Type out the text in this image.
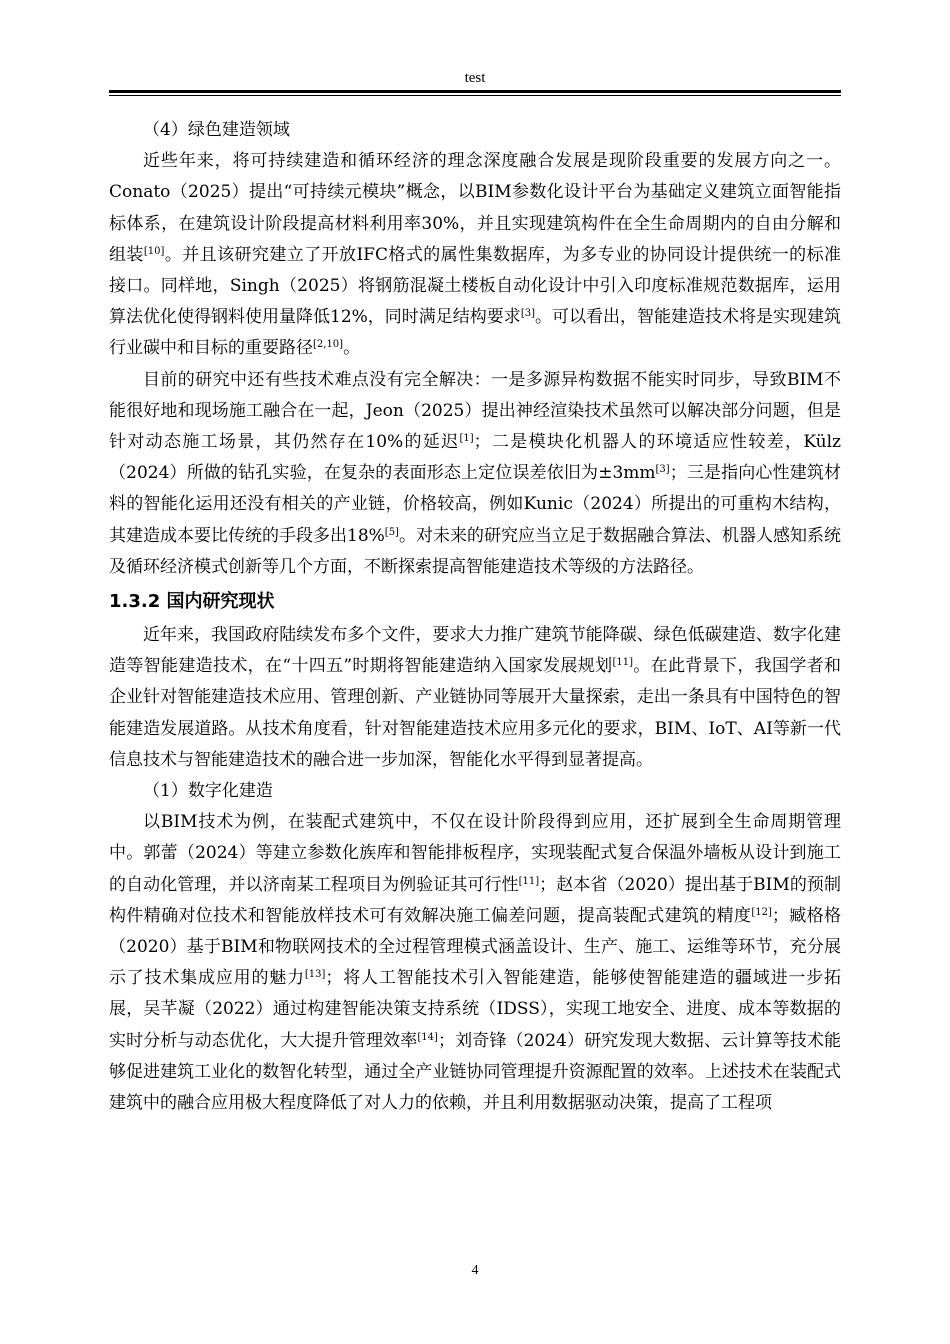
test

（4）绿色建造领域

近些年来，将可持续建造和循环经济的理念深度融合发展是现阶段重要的发展方向之一。Conato（2025）提出“可持续元模块”概念，以BIM参数化设计平台为基础定义建筑立面智能指标体系，在建筑设计阶段提高材料利用率30%，并且实现建筑构件在全生命周期内的自由分解和组装[10]。并且该研究建立了开放IFC格式的属性集数据库，为多专业的协同设计提供统一的标准接口。同样地，Singh（2025）将钢筋混凝土楼板自动化设计中引入印度标准规范数据库，运用算法优化使得钢料使用量降低12%，同时满足结构要求[3]。可以看出，智能建造技术将是实现建筑行业碳中和目标的重要路径[2,10]。

目前的研究中还有些技术难点没有完全解决：一是多源异构数据不能实时同步，导致BIM不能很好地和现场施工融合在一起，Jeon（2025）提出神经渲染技术虽然可以解决部分问题，但是针对动态施工场景，其仍然存在10%的延迟[1]；二是模块化机器人的环境适应性较差，Külz（2024）所做的钻孔实验，在复杂的表面形态上定位误差依旧为±3mm[3]；三是指向心性建筑材料的智能化运用还没有相关的产业链，价格较高，例如Kunic（2024）所提出的可重构木结构，其建造成本要比传统的手段多出18%[5]。对未来的研究应当立足于数据融合算法、机器人感知系统及循环经济模式创新等几个方面，不断探索提高智能建造技术等级的方法路径。

1.3.2 国内研究现状

近年来，我国政府陆续发布多个文件，要求大力推广建筑节能降碳、绿色低碳建造、数字化建造等智能建造技术，在“十四五”时期将智能建造纳入国家发展规划[11]。在此背景下，我国学者和企业针对智能建造技术应用、管理创新、产业链协同等展开大量探索，走出一条具有中国特色的智能建造发展道路。从技术角度看，针对智能建造技术应用多元化的要求，BIM、IoT、AI等新一代信息技术与智能建造技术的融合进一步加深，智能化水平得到显著提高。

（1）数字化建造

以BIM技术为例，在装配式建筑中，不仅在设计阶段得到应用，还扩展到全生命周期管理中。郭蕾（2024）等建立参数化族库和智能排板程序，实现装配式复合保温外墙板从设计到施工的自动化管理，并以济南某工程项目为例验证其可行性[11]；赵本省（2020）提出基于BIM的预制构件精确对位技术和智能放样技术可有效解决施工偏差问题，提高装配式建筑的精度[12]；臧格格（2020）基于BIM和物联网技术的全过程管理模式涵盖设计、生产、施工、运维等环节，充分展示了技术集成应用的魅力[13]；将人工智能技术引入智能建造，能够使智能建造的疆域进一步拓展，吴芊凝（2022）通过构建智能决策支持系统（IDSS），实现工地安全、进度、成本等数据的实时分析与动态优化，大大提升管理效率[14]；刘奇锋（2024）研究发现大数据、云计算等技术能够促进建筑工业化的数智化转型，通过全产业链协同管理提升资源配置的效率。上述技术在装配式建筑中的融合应用极大程度降低了对人力的依赖，并且利用数据驱动决策，提高了工程项

4
